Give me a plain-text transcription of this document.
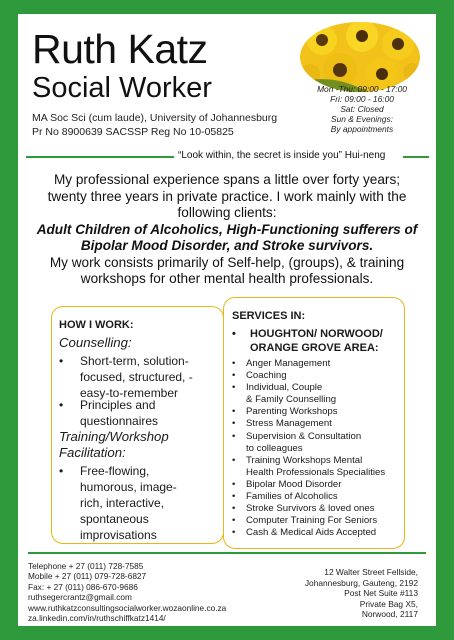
Ruth Katz
Social Worker
MA Soc Sci (cum laude), University of Johannesburg
Pr No 8900639 SACSSP Reg No 10-05825
Mon -Thu: 09:00 - 17:00
Fri: 09:00 - 16:00
Sat: Closed
Sun & Evenings:
By appointments
“Look within, the secret is inside you” Hui-neng
My professional experience spans a little over forty years;
twenty three years in private practice. I work mainly with the
following clients:
Adult Children of Alcoholics, High-Functioning sufferers of
Bipolar Mood Disorder, and Stroke survivors.
My work consists primarily of Self-help, (groups), & training
workshops for other mental health professionals.
HOW I WORK:
Counselling:
• Short-term, solution-
focused, structured, -
easy-to-remember
• Principles and
questionnaires
Training/Workshop
Facilitation:
• Free-flowing,
humorous, image-
rich, interactive,
spontaneous
improvisations
SERVICES IN:
• HOUGHTON/ NORWOOD/
ORANGE GROVE AREA:
• Anger Management
• Coaching
• Individual, Couple
& Family Counselling
• Parenting Workshops
• Stress Management
• Supervision & Consultation
to colleagues
• Training Workshops Mental
Health Professionals Specialities
• Bipolar Mood Disorder
• Families of Alcoholics
• Stroke Survivors & loved ones
• Computer Training For Seniors
• Cash & Medical Aids Accepted
Telephone + 27 (011) 728-7585
Mobile + 27 (011) 079-728-6827
Fax: + 27 (011) 086-670-9686
ruthsegercrantz@gmail.com
www.ruthkatzconsultingsocialworker.wozaonline.co.za
za.linkedin.com/in/ruthschiffkatz1414/
12 Walter Street Fellside,
Johannesburg, Gauteng, 2192
Post Net Suite #113
Private Bag X5,
Norwood, 2117
